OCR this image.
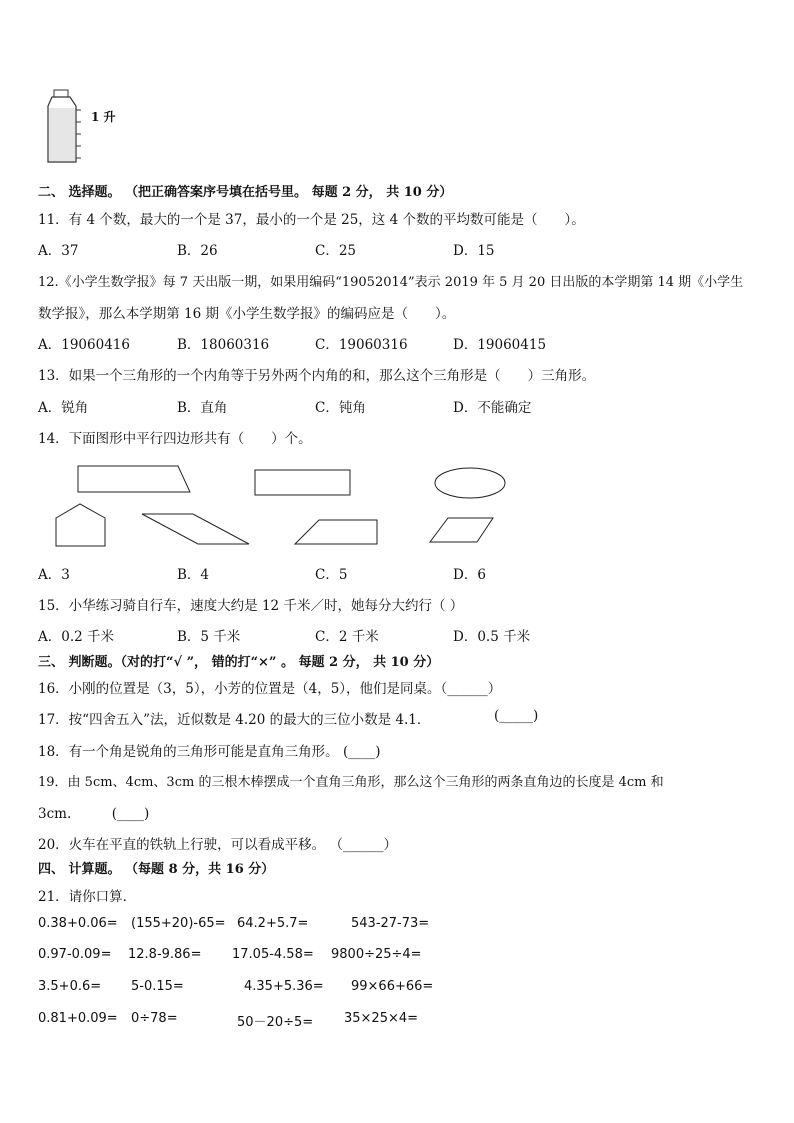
1 升
二、 选择题。 （把正确答案序号填在括号里。 每题 2 分， 共 10 分）
11．有 4 个数，最大的一个是 37，最小的一个是 25，这 4 个数的平均数可能是（　　）。
A．37	B．26	C．25	D．15
12.《小学生数学报》每 7 天出版一期，如果用编码“19052014”表示 2019 年 5 月 20 日出版的本学期第 14 期《小学生
数学报》，那么本学期第 16 期《小学生数学报》的编码应是（　　）。
A．19060416	B．18060316	C．19060316	D．19060415
13．如果一个三角形的一个内角等于另外两个内角的和，那么这个三角形是（　　）三角形。
A．锐角	B．直角	C．钝角	D．不能确定
14．下面图形中平行四边形共有（　　）个。
A．3	B．4	C．5	D．6
15．小华练习骑自行车，速度大约是 12 千米／时，她每分大约行（ ）
A．0.2 千米	B．5 千米	C．2 千米	D．0.5 千米
三、 判断题。（对的打“√ ”， 错的打“×” 。 每题 2 分， 共 10 分）
16．小刚的位置是（3，5），小芳的位置是（4，5），他们是同桌。（______）
17．按“四舍五入”法，近似数是 4.20 的最大的三位小数是 4.1．	(_____)
18．有一个角是锐角的三角形可能是直角三角形。 (____)
19．由 5cm、4cm、3cm 的三根木棒摆成一个直角三角形，那么这个三角形的两条直角边的长度是 4cm 和
3cm.　　　(____)
20．火车在平直的铁轨上行驶，可以看成平移。 （______）
四、 计算题。 （每题 8 分，共 16 分）
21．请你口算．
0.38+0.06= (155+20)-65= 64.2+5.7=	543-27-73=
0.97-0.09= 12.8-9.86= 17.05-4.58= 9800÷25÷4=
3.5+0.6= 5-0.15=	4.35+5.36= 99×66+66=
0.81+0.09= 0÷78=	50－20÷5= 35×25×4=
